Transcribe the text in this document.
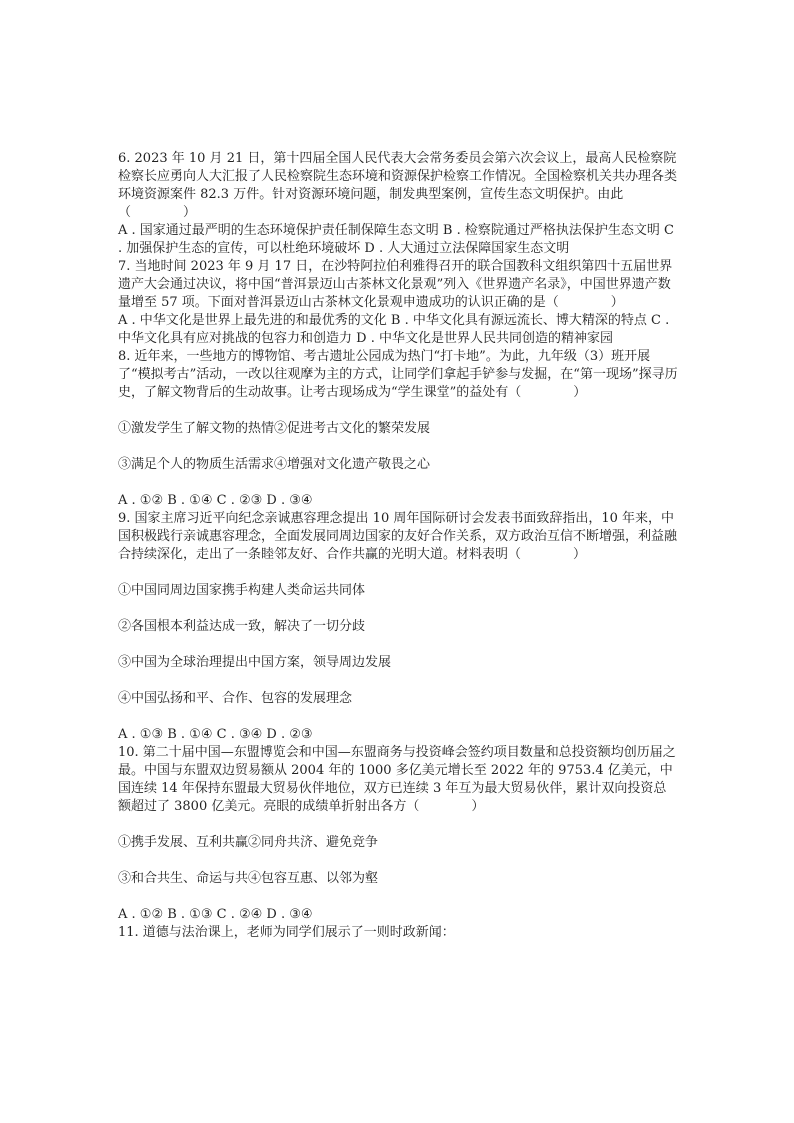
6. 2023 年 10 月 21 日，第十四届全国人民代表大会常务委员会第六次会议上，最高人民检察院检察长应勇向人大汇报了人民检察院生态环境和资源保护检察工作情况。全国检察机关共办理各类环境资源案件 82.3 万件。针对资源环境问题，制发典型案例，宣传生态文明保护。由此（　　　　）

A . 国家通过最严明的生态环境保护责任制保障生态文明 B . 检察院通过严格执法保护生态文明 C . 加强保护生态的宣传，可以杜绝环境破坏 D . 人大通过立法保障国家生态文明

7. 当地时间 2023 年 9 月 17 日，在沙特阿拉伯利雅得召开的联合国教科文组织第四十五届世界遗产大会通过决议，将中国“普洱景迈山古茶林文化景观”列入《世界遗产名录》，中国世界遗产数量增至 57 项。下面对普洱景迈山古茶林文化景观申遗成功的认识正确的是（　　　　）

A . 中华文化是世界上最先进的和最优秀的文化 B . 中华文化具有源远流长、博大精深的特点 C . 中华文化具有应对挑战的包容力和创造力 D . 中华文化是世界人民共同创造的精神家园

8. 近年来，一些地方的博物馆、考古遗址公园成为热门“打卡地”。为此，九年级（3）班开展了“模拟考古”活动，一改以往观摩为主的方式，让同学们拿起手铲参与发掘，在“第一现场”探寻历史，了解文物背后的生动故事。让考古现场成为“学生课堂”的益处有（　　　　）

①激发学生了解文物的热情②促进考古文化的繁荣发展

③满足个人的物质生活需求④增强对文化遗产敬畏之心

A . ①② B . ①④ C . ②③ D . ③④

9. 国家主席习近平向纪念亲诚惠容理念提出 10 周年国际研讨会发表书面致辞指出，10 年来，中国积极践行亲诚惠容理念，全面发展同周边国家的友好合作关系，双方政治互信不断增强，利益融合持续深化，走出了一条睦邻友好、合作共赢的光明大道。材料表明（　　　　）

①中国同周边国家携手构建人类命运共同体

②各国根本利益达成一致，解决了一切分歧

③中国为全球治理提出中国方案，领导周边发展

④中国弘扬和平、合作、包容的发展理念

A . ①③ B . ①④ C . ③④ D . ②③

10. 第二十届中国—东盟博览会和中国—东盟商务与投资峰会签约项目数量和总投资额均创历届之最。中国与东盟双边贸易额从 2004 年的 1000 多亿美元增长至 2022 年的 9753.4 亿美元，中国连续 14 年保持东盟最大贸易伙伴地位，双方已连续 3 年互为最大贸易伙伴，累计双向投资总额超过了 3800 亿美元。亮眼的成绩单折射出各方（　　　　）

①携手发展、互利共赢②同舟共济、避免竞争

③和合共生、命运与共④包容互惠、以邻为壑

A . ①② B . ①③ C . ②④ D . ③④

11. 道德与法治课上，老师为同学们展示了一则时政新闻：
